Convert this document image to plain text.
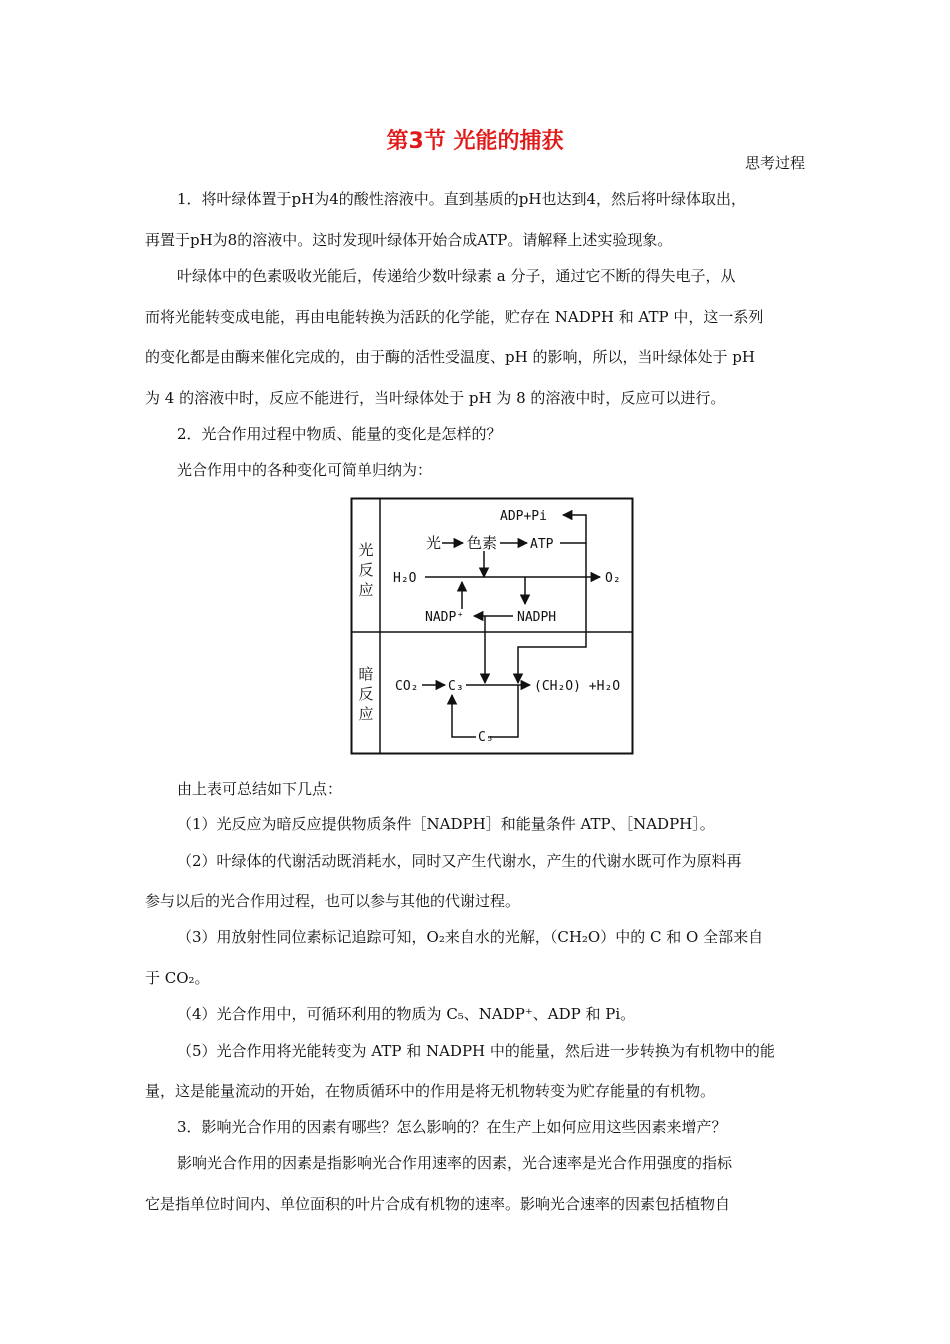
第3节 光能的捕获
思考过程
1．将叶绿体置于pH为4的酸性溶液中。直到基质的pH也达到4，然后将叶绿体取出，
再置于pH为8的溶液中。这时发现叶绿体开始合成ATP。请解释上述实验现象。
叶绿体中的色素吸收光能后，传递给少数叶绿素 a 分子，通过它不断的得失电子，从
而将光能转变成电能，再由电能转换为活跃的化学能，贮存在 NADPH 和 ATP 中，这一系列
的变化都是由酶来催化完成的，由于酶的活性受温度、pH 的影响，所以，当叶绿体处于 pH
为 4 的溶液中时，反应不能进行，当叶绿体处于 pH 为 8 的溶液中时，反应可以进行。
2．光合作用过程中物质、能量的变化是怎样的？
光合作用中的各种变化可简单归纳为：
光
反
应
暗
反
应
ADP+Pi
光 色素	ATP
H₂O	O₂
NADP⁺	NADPH
CO₂ C₃	(CH₂O) +H₂O
C₅
由上表可总结如下几点：
（1）光反应为暗反应提供物质条件［NADPH］和能量条件 ATP、［NADPH］。
（2）叶绿体的代谢活动既消耗水，同时又产生代谢水，产生的代谢水既可作为原料再
参与以后的光合作用过程，也可以参与其他的代谢过程。
（3）用放射性同位素标记追踪可知，O₂来自水的光解，（CH₂O）中的 C 和 O 全部来自
于 CO₂。
（4）光合作用中，可循环利用的物质为 C₅、NADP⁺、ADP 和 Pi。
（5）光合作用将光能转变为 ATP 和 NADPH 中的能量，然后进一步转换为有机物中的能
量，这是能量流动的开始，在物质循环中的作用是将无机物转变为贮存能量的有机物。
3．影响光合作用的因素有哪些？怎么影响的？在生产上如何应用这些因素来增产？
影响光合作用的因素是指影响光合作用速率的因素，光合速率是光合作用强度的指标
它是指单位时间内、单位面积的叶片合成有机物的速率。影响光合速率的因素包括植物自
